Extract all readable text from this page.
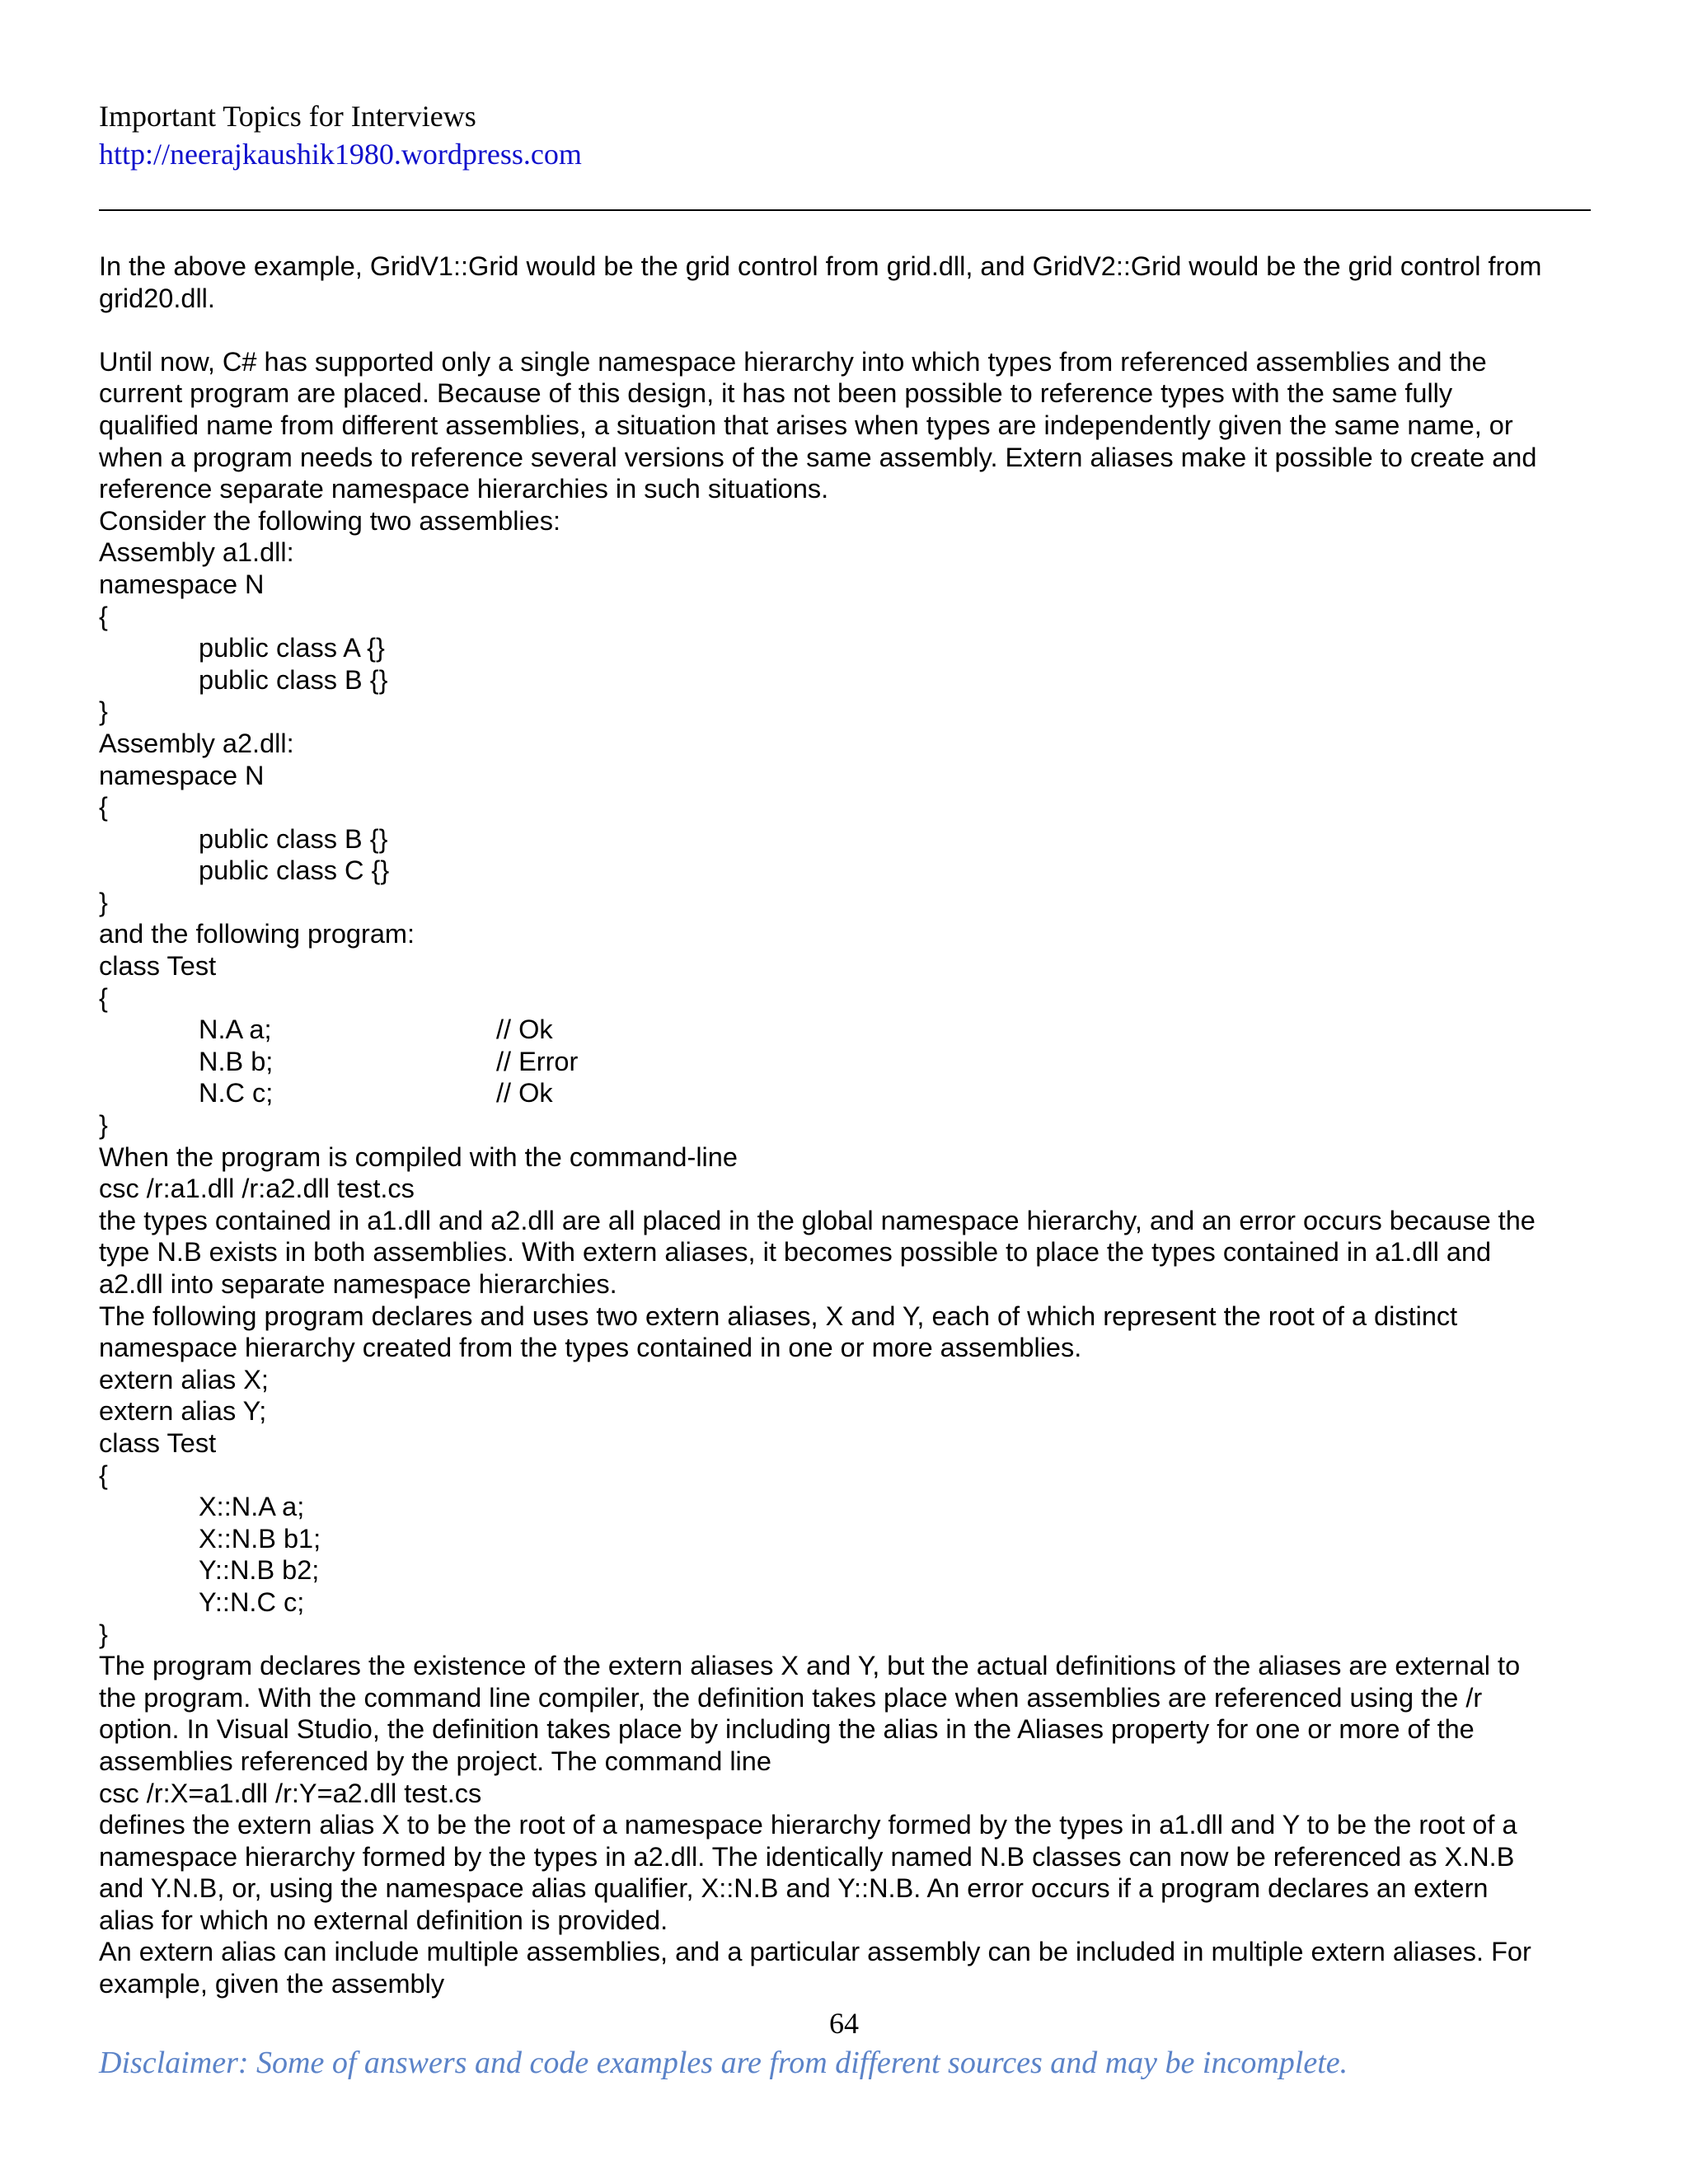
Important Topics for Interviews
http://neerajkaushik1980.wordpress.com
In the above example, GridV1::Grid would be the grid control from grid.dll, and GridV2::Grid would be the grid control from
grid20.dll.
Until now, C# has supported only a single namespace hierarchy into which types from referenced assemblies and the
current program are placed. Because of this design, it has not been possible to reference types with the same fully
qualified name from different assemblies, a situation that arises when types are independently given the same name, or
when a program needs to reference several versions of the same assembly. Extern aliases make it possible to create and
reference separate namespace hierarchies in such situations.
Consider the following two assemblies:
Assembly a1.dll:
namespace N
{
public class A {}
public class B {}
}
Assembly a2.dll:
namespace N
{
public class B {}
public class C {}
}
and the following program:
class Test
{
N.A a;	// Ok
N.B b;	// Error
N.C c;	// Ok
}
When the program is compiled with the command-line
csc /r:a1.dll /r:a2.dll test.cs
the types contained in a1.dll and a2.dll are all placed in the global namespace hierarchy, and an error occurs because the
type N.B exists in both assemblies. With extern aliases, it becomes possible to place the types contained in a1.dll and
a2.dll into separate namespace hierarchies.
The following program declares and uses two extern aliases, X and Y, each of which represent the root of a distinct
namespace hierarchy created from the types contained in one or more assemblies.
extern alias X;
extern alias Y;
class Test
{
X::N.A a;
X::N.B b1;
Y::N.B b2;
Y::N.C c;
}
The program declares the existence of the extern aliases X and Y, but the actual definitions of the aliases are external to
the program. With the command line compiler, the definition takes place when assemblies are referenced using the /r
option. In Visual Studio, the definition takes place by including the alias in the Aliases property for one or more of the
assemblies referenced by the project. The command line
csc /r:X=a1.dll /r:Y=a2.dll test.cs
defines the extern alias X to be the root of a namespace hierarchy formed by the types in a1.dll and Y to be the root of a
namespace hierarchy formed by the types in a2.dll. The identically named N.B classes can now be referenced as X.N.B
and Y.N.B, or, using the namespace alias qualifier, X::N.B and Y::N.B. An error occurs if a program declares an extern
alias for which no external definition is provided.
An extern alias can include multiple assemblies, and a particular assembly can be included in multiple extern aliases. For
example, given the assembly
64
Disclaimer: Some of answers and code examples are from different sources and may be incomplete.
